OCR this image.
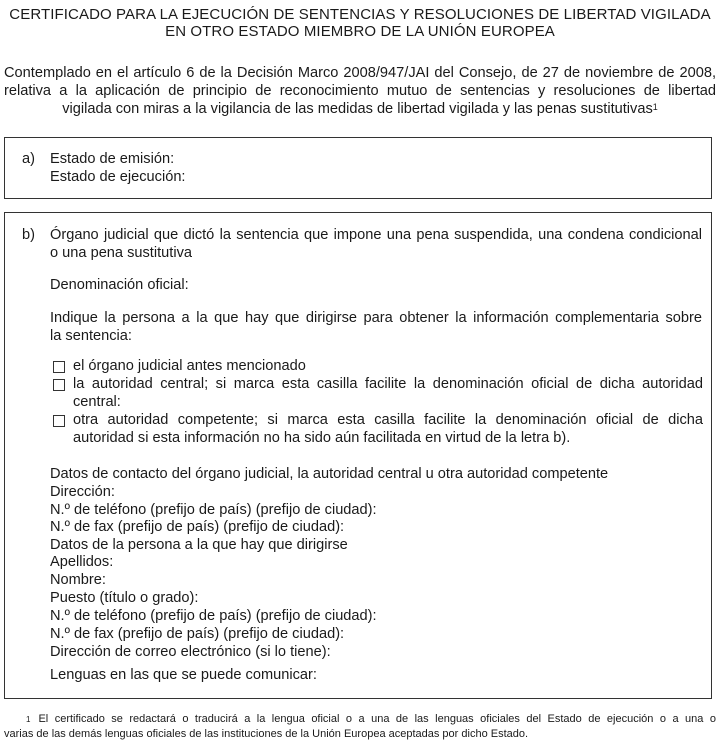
CERTIFICADO PARA LA EJECUCIÓN DE SENTENCIAS Y RESOLUCIONES DE LIBERTAD VIGILADA
EN OTRO ESTADO MIEMBRO DE LA UNIÓN EUROPEA
Contemplado en el artículo 6 de la Decisión Marco 2008/947/JAI del Consejo, de 27 de noviembre de 2008,
relativa a la aplicación de principio de reconocimiento mutuo de sentencias y resoluciones de libertad
vigilada con miras a la vigilancia de las medidas de libertad vigilada y las penas sustitutivas$^1$
a) Estado de emisión:
Estado de ejecución:
b) Órgano judicial que dictó la sentencia que impone una pena suspendida, una condena condicional
o una pena sustitutiva
Denominación oficial:
Indique la persona a la que hay que dirigirse para obtener la información complementaria sobre
la sentencia:
el órgano judicial antes mencionado
la autoridad central; si marca esta casilla facilite la denominación oficial de dicha autoridad
central:
otra autoridad competente; si marca esta casilla facilite la denominación oficial de dicha
autoridad si esta información no ha sido aún facilitada en virtud de la letra b).
Datos de contacto del órgano judicial, la autoridad central u otra autoridad competente
Dirección:
N.º de teléfono (prefijo de país) (prefijo de ciudad):
N.º de fax (prefijo de país) (prefijo de ciudad):
Datos de la persona a la que hay que dirigirse
Apellidos:
Nombre:
Puesto (título o grado):
N.º de teléfono (prefijo de país) (prefijo de ciudad):
N.º de fax (prefijo de país) (prefijo de ciudad):
Dirección de correo electrónico (si lo tiene):
Lenguas en las que se puede comunicar:
$^1$ El certificado se redactará o traducirá a la lengua oficial o a una de las lenguas oficiales del Estado de ejecución o a una o
varias de las demás lenguas oficiales de las instituciones de la Unión Europea aceptadas por dicho Estado.
